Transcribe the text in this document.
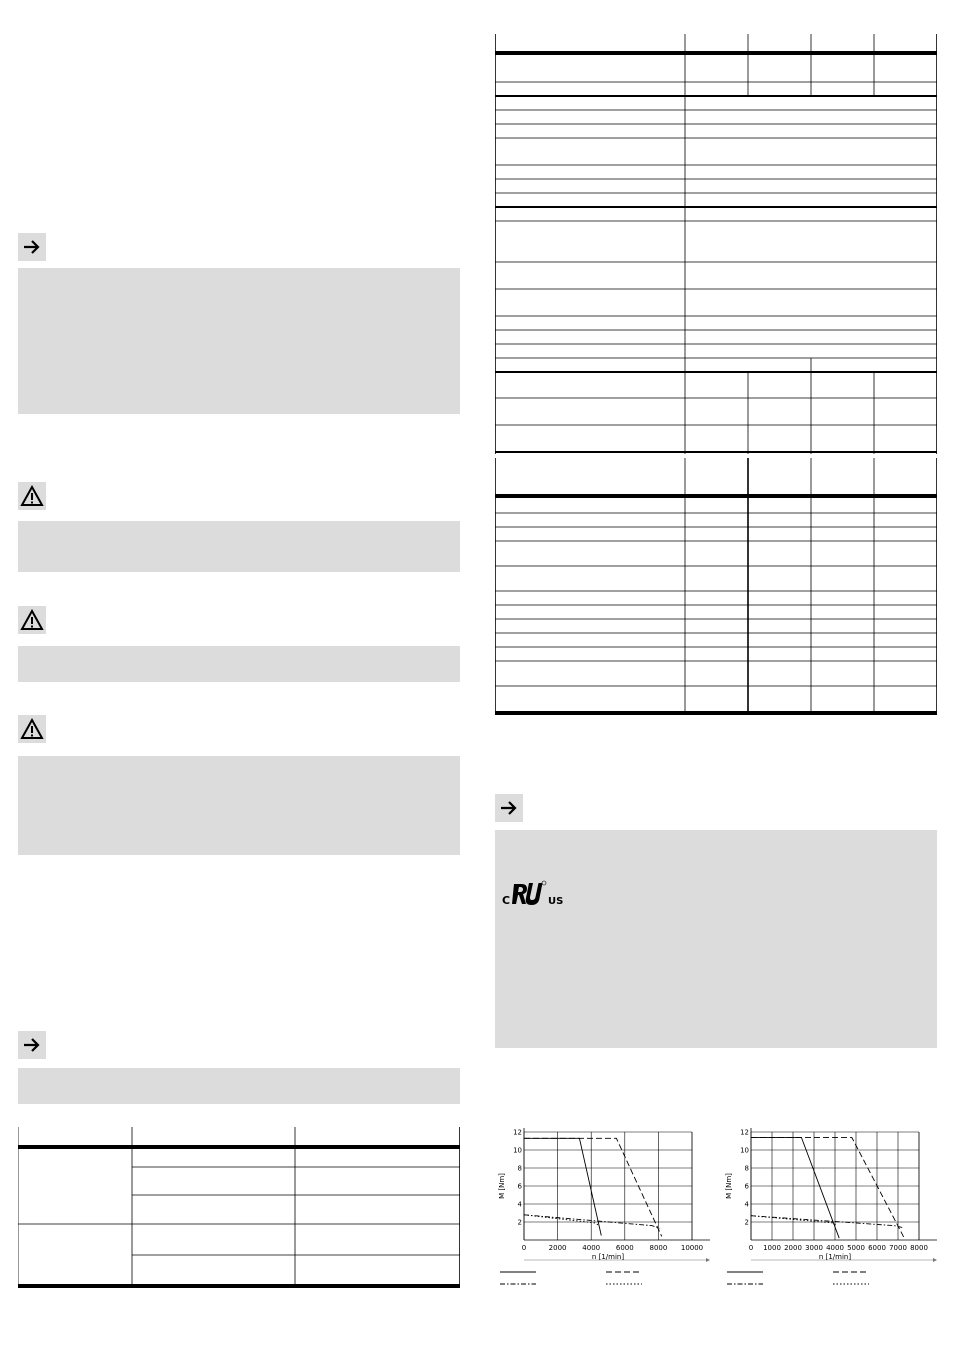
C	US
0	2000 4000 6000 8000 10000
2
4
6
8
10
12
n [1/min]
M [Nm]
0 1000 2000 3000 4000 5000 6000 7000 8000
2
4
6
8
10
12
n [1/min]
M [Nm]
